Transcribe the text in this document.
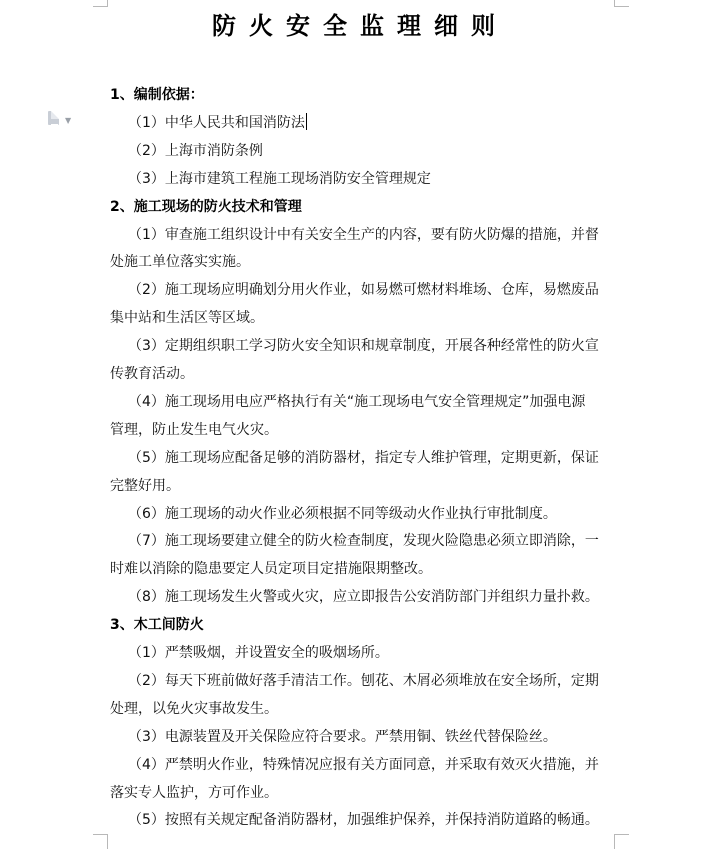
防火安全监理细则
▼
1、编制依据：
（1）中华人民共和国消防法
（2）上海市消防条例
（3）上海市建筑工程施工现场消防安全管理规定
2、施工现场的防火技术和管理
（1）审查施工组织设计中有关安全生产的内容，要有防火防爆的措施，并督
处施工单位落实实施。
（2）施工现场应明确划分用火作业，如易燃可燃材料堆场、仓库，易燃废品
集中站和生活区等区域。
（3）定期组织职工学习防火安全知识和规章制度，开展各种经常性的防火宣
传教育活动。
（4）施工现场用电应严格执行有关“施工现场电气安全管理规定”加强电源
管理，防止发生电气火灾。
（5）施工现场应配备足够的消防器材，指定专人维护管理，定期更新，保证
完整好用。
（6）施工现场的动火作业必须根据不同等级动火作业执行审批制度。
（7）施工现场要建立健全的防火检查制度，发现火险隐患必须立即消除，一
时难以消除的隐患要定人员定项目定措施限期整改。
（8）施工现场发生火警或火灾，应立即报告公安消防部门并组织力量扑救。
3、木工间防火
（1）严禁吸烟，并设置安全的吸烟场所。
（2）每天下班前做好落手清洁工作。刨花、木屑必须堆放在安全场所，定期
处理，以免火灾事故发生。
（3）电源装置及开关保险应符合要求。严禁用铜、铁丝代替保险丝。
（4）严禁明火作业，特殊情况应报有关方面同意，并采取有效灭火措施，并
落实专人监护，方可作业。
（5）按照有关规定配备消防器材，加强维护保养，并保持消防道路的畅通。
